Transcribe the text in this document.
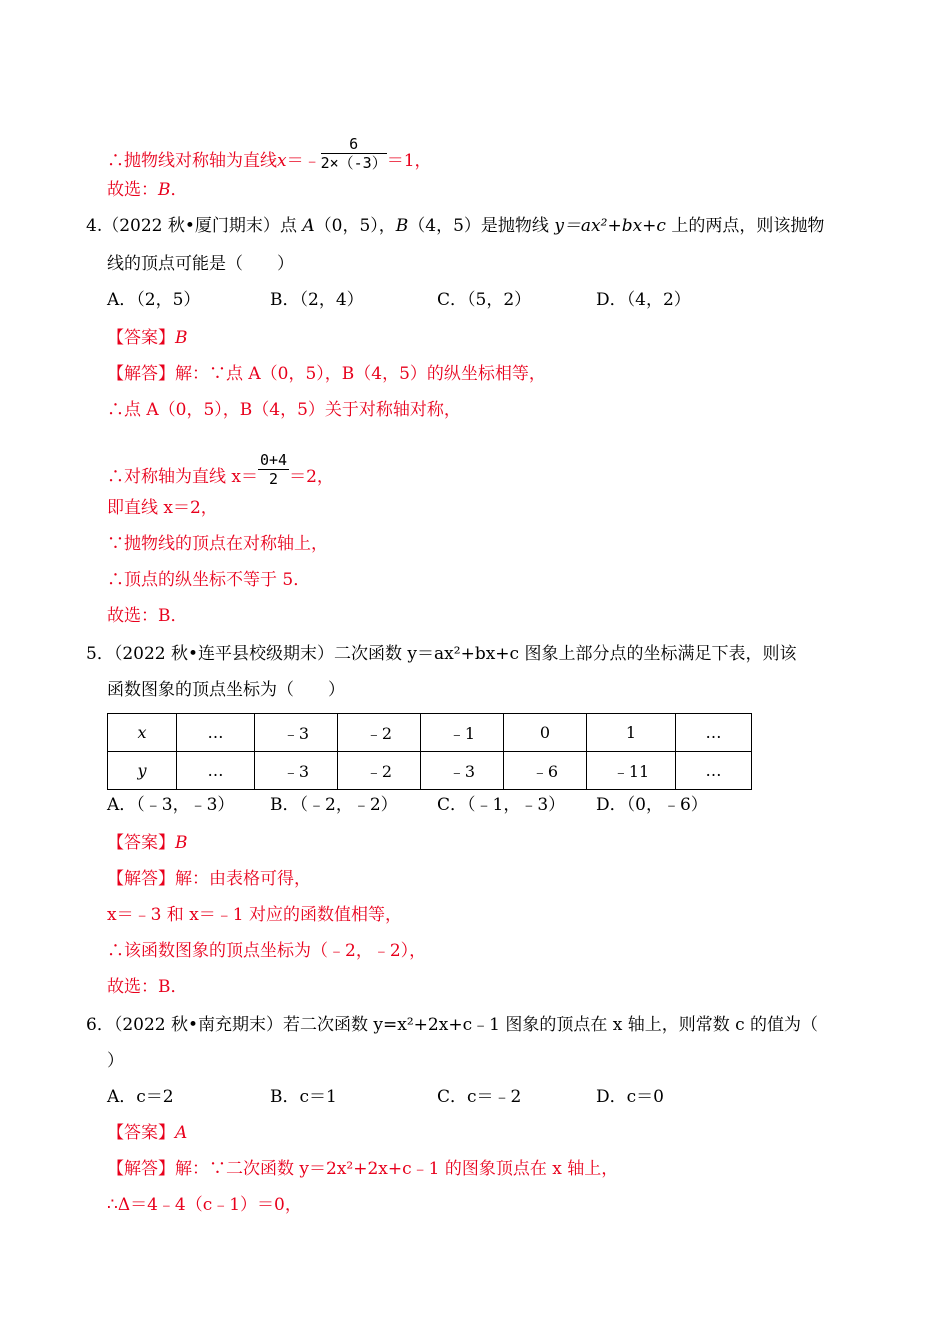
∴抛物线对称轴为直线x＝﹣ $\frac{6}{2\times(-3)} =1$，
故选：B．
4.（2022 秋•厦门期末）点 A（0，5），B（4，5）是抛物线 y＝ax²+bx+c 上的两点，则该抛物
线的顶点可能是（　　）
A．（2，5）	B．（2，4）	C．（5，2）	D．（4，2）
【答案】B
【解答】解：∵点 A（0，5），B（4，5）的纵坐标相等，
∴点 A（0，5），B（4，5）关于对称轴对称，
∴对称轴为直线 $x= \frac{0+4}{2} =2$，
即直线 x＝2，
∵抛物线的顶点在对称轴上，
∴顶点的纵坐标不等于 5．
故选：B．
5．（2022 秋•连平县校级期末）二次函数 y＝ax²+bx+c 图象上部分点的坐标满足下表，则该
函数图象的顶点坐标为（　　）
x	…	﹣3	﹣2	﹣1	0	1	…
y	…	﹣3	﹣2	﹣3	﹣6	﹣11	…
A．（﹣3，﹣3） B．（﹣2，﹣2） C．（﹣1，﹣3） D．（0，﹣6）
【答案】B
【解答】解：由表格可得，
x＝﹣3 和 x＝﹣1 对应的函数值相等，
∴该函数图象的顶点坐标为（﹣2，﹣2），
故选：B．
6．（2022 秋•南充期末）若二次函数 y=x²+2x+c﹣1 图象的顶点在 x 轴上，则常数 c 的值为（
）
A．c＝2	B．c＝1	C．c＝﹣2	D．c＝0
【答案】A
【解答】解：∵二次函数 y＝2x²+2x+c﹣1 的图象顶点在 x 轴上，
∴Δ＝4﹣4（c﹣1）＝0，
